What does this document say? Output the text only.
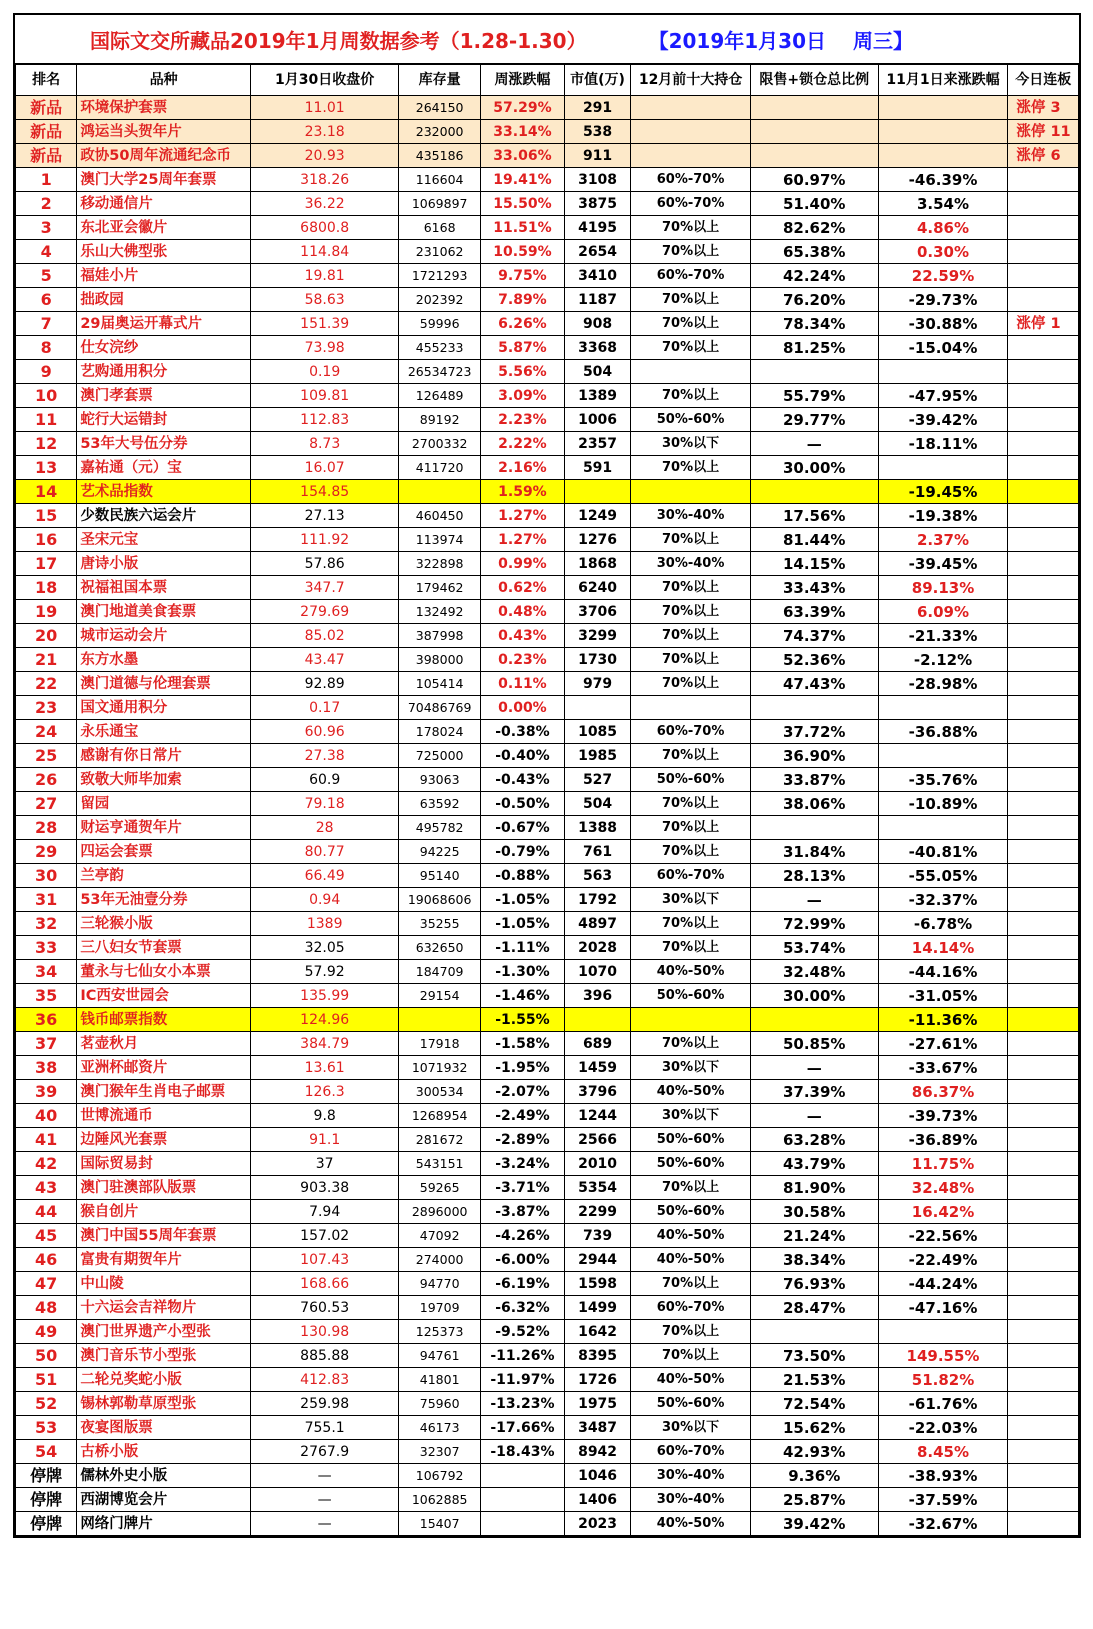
国际文交所藏品2019年1月周数据参考（1.28-1.30）	【2019年1月30日　 周三】
排名	品种	1月30日收盘价	库存量	周涨跌幅	市值(万)	12月前十大持仓	限售+锁仓总比例	11月1日来涨跌幅	今日连板
新品	环境保护套票	11.01	264150	57.29%	291				涨停 3
新品	鸿运当头贺年片	23.18	232000	33.14%	538				涨停 11
新品	政协50周年流通纪念币	20.93	435186	33.06%	911				涨停 6
1	澳门大学25周年套票	318.26	116604	19.41%	3108	60%-70%	60.97%	-46.39%	
2	移动通信片	36.22	1069897	15.50%	3875	60%-70%	51.40%	3.54%	
3	东北亚会徽片	6800.8	6168	11.51%	4195	70%以上	82.62%	4.86%	
4	乐山大佛型张	114.84	231062	10.59%	2654	70%以上	65.38%	0.30%	
5	福娃小片	19.81	1721293	9.75%	3410	60%-70%	42.24%	22.59%	
6	拙政园	58.63	202392	7.89%	1187	70%以上	76.20%	-29.73%	
7	29届奥运开幕式片	151.39	59996	6.26%	908	70%以上	78.34%	-30.88%	涨停 1
8	仕女浣纱	73.98	455233	5.87%	3368	70%以上	81.25%	-15.04%	
9	艺购通用积分	0.19	26534723	5.56%	504				
10	澳门孝套票	109.81	126489	3.09%	1389	70%以上	55.79%	-47.95%	
11	蛇行大运错封	112.83	89192	2.23%	1006	50%-60%	29.77%	-39.42%	
12	53年大号伍分券	8.73	2700332	2.22%	2357	30%以下	—	-18.11%	
13	嘉祐通（元）宝	16.07	411720	2.16%	591	70%以上	30.00%		
14	艺术品指数	154.85		1.59%				-19.45%	
15	少数民族六运会片	27.13	460450	1.27%	1249	30%-40%	17.56%	-19.38%	
16	圣宋元宝	111.92	113974	1.27%	1276	70%以上	81.44%	2.37%	
17	唐诗小版	57.86	322898	0.99%	1868	30%-40%	14.15%	-39.45%	
18	祝福祖国本票	347.7	179462	0.62%	6240	70%以上	33.43%	89.13%	
19	澳门地道美食套票	279.69	132492	0.48%	3706	70%以上	63.39%	6.09%	
20	城市运动会片	85.02	387998	0.43%	3299	70%以上	74.37%	-21.33%	
21	东方水墨	43.47	398000	0.23%	1730	70%以上	52.36%	-2.12%	
22	澳门道德与伦理套票	92.89	105414	0.11%	979	70%以上	47.43%	-28.98%	
23	国文通用积分	0.17	70486769	0.00%					
24	永乐通宝	60.96	178024	-0.38%	1085	60%-70%	37.72%	-36.88%	
25	感谢有你日常片	27.38	725000	-0.40%	1985	70%以上	36.90%		
26	致敬大师毕加索	60.9	93063	-0.43%	527	50%-60%	33.87%	-35.76%	
27	留园	79.18	63592	-0.50%	504	70%以上	38.06%	-10.89%	
28	财运亨通贺年片	28	495782	-0.67%	1388	70%以上			
29	四运会套票	80.77	94225	-0.79%	761	70%以上	31.84%	-40.81%	
30	兰亭韵	66.49	95140	-0.88%	563	60%-70%	28.13%	-55.05%	
31	53年无油壹分券	0.94	19068606	-1.05%	1792	30%以下	—	-32.37%	
32	三轮猴小版	1389	35255	-1.05%	4897	70%以上	72.99%	-6.78%	
33	三八妇女节套票	32.05	632650	-1.11%	2028	70%以上	53.74%	14.14%	
34	董永与七仙女小本票	57.92	184709	-1.30%	1070	40%-50%	32.48%	-44.16%	
35	IC西安世园会	135.99	29154	-1.46%	396	50%-60%	30.00%	-31.05%	
36	钱币邮票指数	124.96		-1.55%				-11.36%	
37	茗壶秋月	384.79	17918	-1.58%	689	70%以上	50.85%	-27.61%	
38	亚洲杯邮资片	13.61	1071932	-1.95%	1459	30%以下	—	-33.67%	
39	澳门猴年生肖电子邮票	126.3	300534	-2.07%	3796	40%-50%	37.39%	86.37%	
40	世博流通币	9.8	1268954	-2.49%	1244	30%以下	—	-39.73%	
41	边陲风光套票	91.1	281672	-2.89%	2566	50%-60%	63.28%	-36.89%	
42	国际贸易封	37	543151	-3.24%	2010	50%-60%	43.79%	11.75%	
43	澳门驻澳部队版票	903.38	59265	-3.71%	5354	70%以上	81.90%	32.48%	
44	猴自创片	7.94	2896000	-3.87%	2299	50%-60%	30.58%	16.42%	
45	澳门中国55周年套票	157.02	47092	-4.26%	739	40%-50%	21.24%	-22.56%	
46	富贵有期贺年片	107.43	274000	-6.00%	2944	40%-50%	38.34%	-22.49%	
47	中山陵	168.66	94770	-6.19%	1598	70%以上	76.93%	-44.24%	
48	十六运会吉祥物片	760.53	19709	-6.32%	1499	60%-70%	28.47%	-47.16%	
49	澳门世界遗产小型张	130.98	125373	-9.52%	1642	70%以上			
50	澳门音乐节小型张	885.88	94761	-11.26%	8395	70%以上	73.50%	149.55%	
51	二轮兑奖蛇小版	412.83	41801	-11.97%	1726	40%-50%	21.53%	51.82%	
52	锡林郭勒草原型张	259.98	75960	-13.23%	1975	50%-60%	72.54%	-61.76%	
53	夜宴图版票	755.1	46173	-17.66%	3487	30%以下	15.62%	-22.03%	
54	古桥小版	2767.9	32307	-18.43%	8942	60%-70%	42.93%	8.45%	
停牌	儒林外史小版	—	106792		1046	30%-40%	9.36%	-38.93%	
停牌	西湖博览会片	—	1062885		1406	30%-40%	25.87%	-37.59%	
停牌	网络门牌片	—	15407		2023	40%-50%	39.42%	-32.67%	
